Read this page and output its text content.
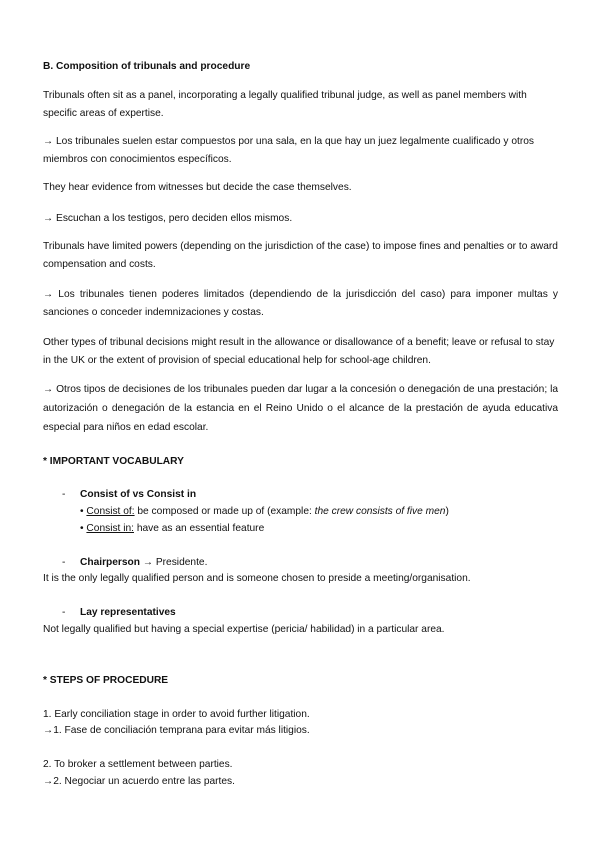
B. Composition of tribunals and procedure

Tribunals often sit as a panel, incorporating a legally qualified tribunal judge, as well as panel members with specific areas of expertise.

→ Los tribunales suelen estar compuestos por una sala, en la que hay un juez legalmente cualificado y otros miembros con conocimientos específicos.

They hear evidence from witnesses but decide the case themselves.

→ Escuchan a los testigos, pero deciden ellos mismos.

Tribunals have limited powers (depending on the jurisdiction of the case) to impose fines and penalties or to award compensation and costs.

→ Los tribunales tienen poderes limitados (dependiendo de la jurisdicción del caso) para imponer multas y sanciones o conceder indemnizaciones y costas.

Other types of tribunal decisions might result in the allowance or disallowance of a benefit; leave or refusal to stay in the UK or the extent of provision of special educational help for school-age children.

→ Otros tipos de decisiones de los tribunales pueden dar lugar a la concesión o denegación de una prestación; la autorización o denegación de la estancia en el Reino Unido o el alcance de la prestación de ayuda educativa especial para niños en edad escolar.

* IMPORTANT VOCABULARY

- Consist of vs Consist in
• Consist of: be composed or made up of (example: the crew consists of five men)
• Consist in: have as an essential feature
- Chairperson → Presidente.
It is the only legally qualified person and is someone chosen to preside a meeting/organisation.
- Lay representatives
Not legally qualified but having a special expertise (pericia/ habilidad) in a particular area.

* STEPS OF PROCEDURE

1. Early conciliation stage in order to avoid further litigation.
→1. Fase de conciliación temprana para evitar más litigios.
2. To broker a settlement between parties.
→2. Negociar un acuerdo entre las partes.
